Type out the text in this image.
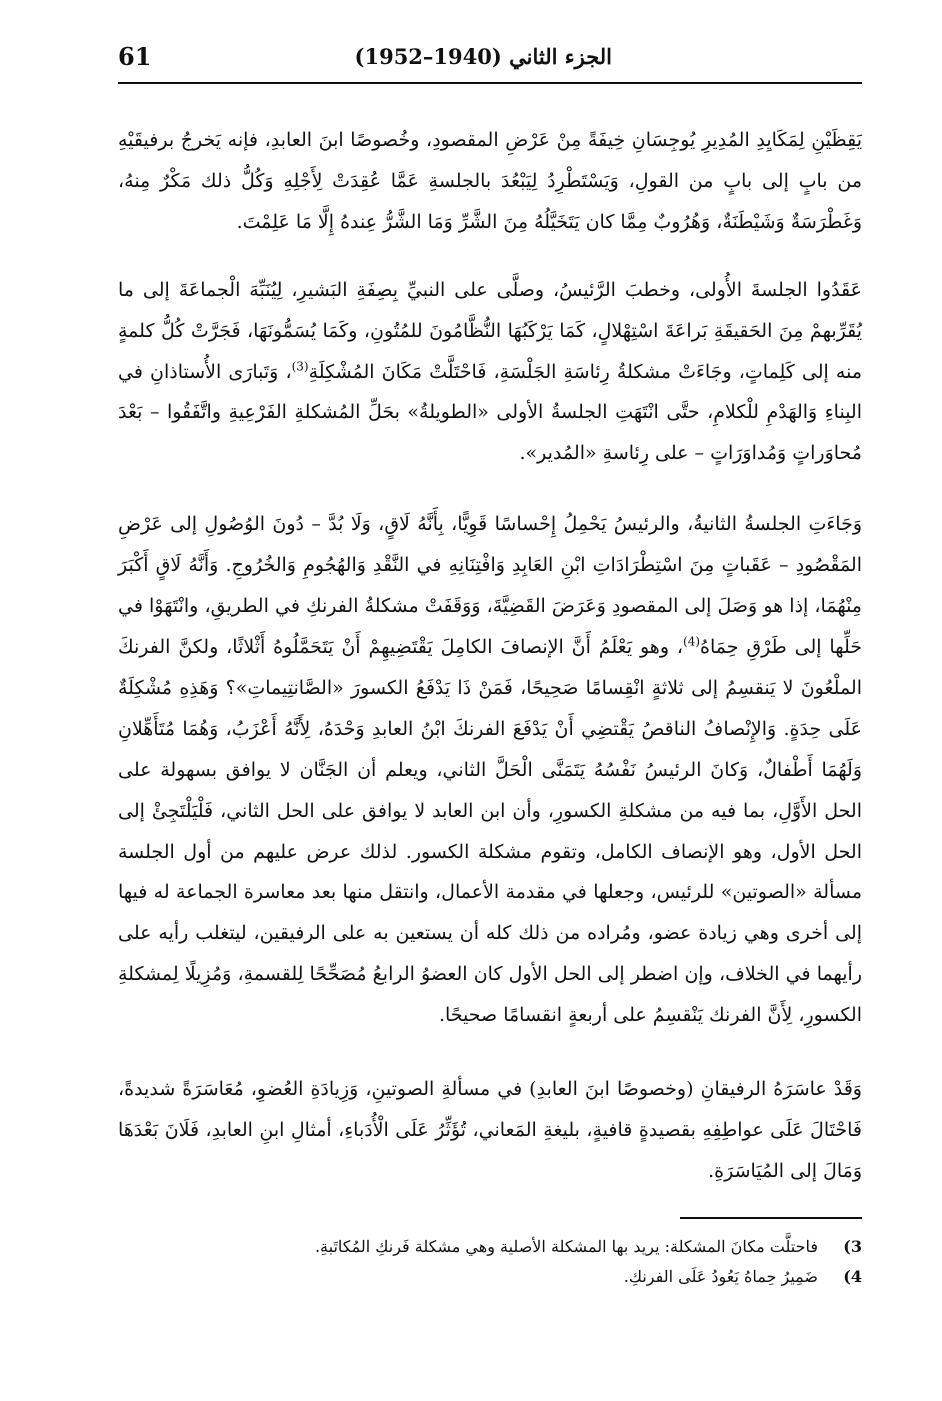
الجزء الثاني (1940–1952)
61

يَقِظَيْنِ لِمَكَايِدِ المُدِيرِ يُوجِسَانِ خِيفَةً مِنْ عَرْضِ المقصودِ، وخُصوصًا ابنَ العابدِ، فإنه يَخرجُ برفيقَيْهِ من بابٍ إلى بابٍ من القولِ، وَيَسْتَطْرِدُ لِيَبْعُدَ بالجلسةِ عَمَّا عُقِدَتْ لِأَجْلِهِ وَكُلُّ ذلك مَكْرٌ مِنهُ، وَغَطْرَسَةٌ وَشَيْطَنَةٌ، وَهُرُوبٌ مِمَّا كان يَتَخَيَّلُهُ مِنَ الشَّرِّ وَمَا الشَّرُّ عِندهُ إِلَّا مَا عَلِمْتَ.

عَقَدُوا الجلسةَ الأُولى، وخطبَ الرَّئيسُ، وصلَّى على النبيِّ بِصِفَةِ البَشيرِ، لِيُنَبِّهَ الْجماعَةَ إلى ما يُقَرِّبهمْ مِنَ الحَقيقَةِ بَراعَةَ اسْتِهْلالٍ، كَمَا يَرْكَبُهَا النُّظَّامُونَ للمُتُونِ، وكَمَا يُسَمُّونَهَا، فَجَرَّتْ كُلُّ كلمةٍ منه إلى كَلِماتٍ، وجَاءَتْ مشكلةُ رِئاسَةِ الجَلْسَةِ، فَاحْتَلَّتْ مَكَانَ المُشْكِلَةِ$^{(3)}$، وَتَبارَى الأُستاذانِ في البِناءِ وَالهَدْمِ للْكلامِ، حتَّى انْتَهَتِ الجلسةُ الأولى «الطويلةُ» بحَلِّ المُشكلةِ الفَرْعِيةِ واتَّفَقُوا – بَعْدَ مُحاوَراتٍ وَمُداوَرَاتٍ – على رِئاسةِ «المُدير».

وَجَاءَتِ الجلسةُ الثانيةُ، والرئيسُ يَحْمِلُ إِحْساسًا قَوِيًّا، بِأَنَّهُ لَاقٍ، وَلَا بُدَّ – دُونَ الوُصُولِ إلى عَرْضِ المَقْصُودِ – عَقَباتٍ مِنَ اسْتِطْرَادَاتِ ابْنِ العَابِدِ وَافْتِنَانِهِ في النَّقْدِ وَالهُجُومِ وَالخُرُوجِ. وَأَنَّهُ لَاقٍ أَكْبَرَ مِنْهُمَا، إذا هو وَصَلَ إلى المقصودِ وَعَرَضَ القَضِيَّةَ، وَوَقَفَتْ مشكلةُ الفرنكِ في الطريقِ، وانْتَهَوْا في حَلِّها إلى طَرْقِ حِمَاهُ$^{(4)}$، وهو يَعْلَمُ أَنَّ الإنصافَ الكامِلَ يَقْتَضِيهِمْ أَنْ يَتَحَمَّلُوهُ أَثْلاثًا، ولكنَّ الفرنكَ الملْعُونَ لا يَنقسِمُ إلى ثلاثةٍ انْقِسامًا صَحِيحًا، فَمَنْ ذَا يَدْفَعُ الكسورَ «الصَّانتِيماتِ»؟ وَهَذِهِ مُشْكِلَةٌ عَلَى حِدَةٍ. وَالإِنْصافُ الناقصُ يَقْتضِي أَنْ يَدْفَعَ الفرنكَ ابْنُ العابدِ وَحْدَهُ، لِأَنَّهُ أَعْزَبُ، وَهُمَا مُتَأَهِّلانِ وَلَهُمَا أَطْفالٌ، وَكانَ الرئيسُ نَفْسُهُ يَتَمَنَّى الْحَلَّ الثاني، ويعلم أن الجَنَّان لا يوافق بسهولة على الحل الأَوَّلِ، بما فيه من مشكلةِ الكسورِ، وأن ابن العابد لا يوافق على الحل الثاني، فَلْيَلْتَجِئْ إلى الحل الأول، وهو الإنصاف الكامل، وتقوم مشكلة الكسور. لذلك عرض عليهم من أول الجلسة مسألة «الصوتين» للرئيس، وجعلها في مقدمة الأعمال، وانتقل منها بعد معاسرة الجماعة له فيها إلى أخرى وهي زيادة عضو، ومُراده من ذلك كله أن يستعين به على الرفيقين، ليتغلب رأيه على رأيهما في الخلاف، وإن اضطر إلى الحل الأول كان العضوُ الرابعُ مُصَحِّحًا لِلقسمةِ، وَمُزِيلًا لِمشكلةِ الكسورِ، لِأَنَّ الفرنك يَنْقسِمُ على أربعةٍ انقسامًا صحيحًا.

وَقَدْ عاسَرَهُ الرفيقانِ (وخصوصًا ابنَ العابدِ) في مسألةِ الصوتينِ، وَزِيادَةِ العُضوِ، مُعَاسَرَةً شديدةً، فَاحْتَالَ عَلَى عواطِفِهِ بقصيدةٍ قافيةٍ، بليغةِ المَعاني، تُؤَثِّرُ عَلَى الْأُدَباءِ، أمثالِ ابنِ العابدِ، فَلَانَ بَعْدَهَا وَمَالَ إلى المُيَاسَرَةِ.

3)
فاحتلَّت مكانَ المشكلة: يريد بها المشكلة الأصلية وهي مشكلة فَرنكِ المُكاتَبةِ.
4)
ضَمِيرُ حِماهُ يَعُودُ عَلَى الفرنكِ.
